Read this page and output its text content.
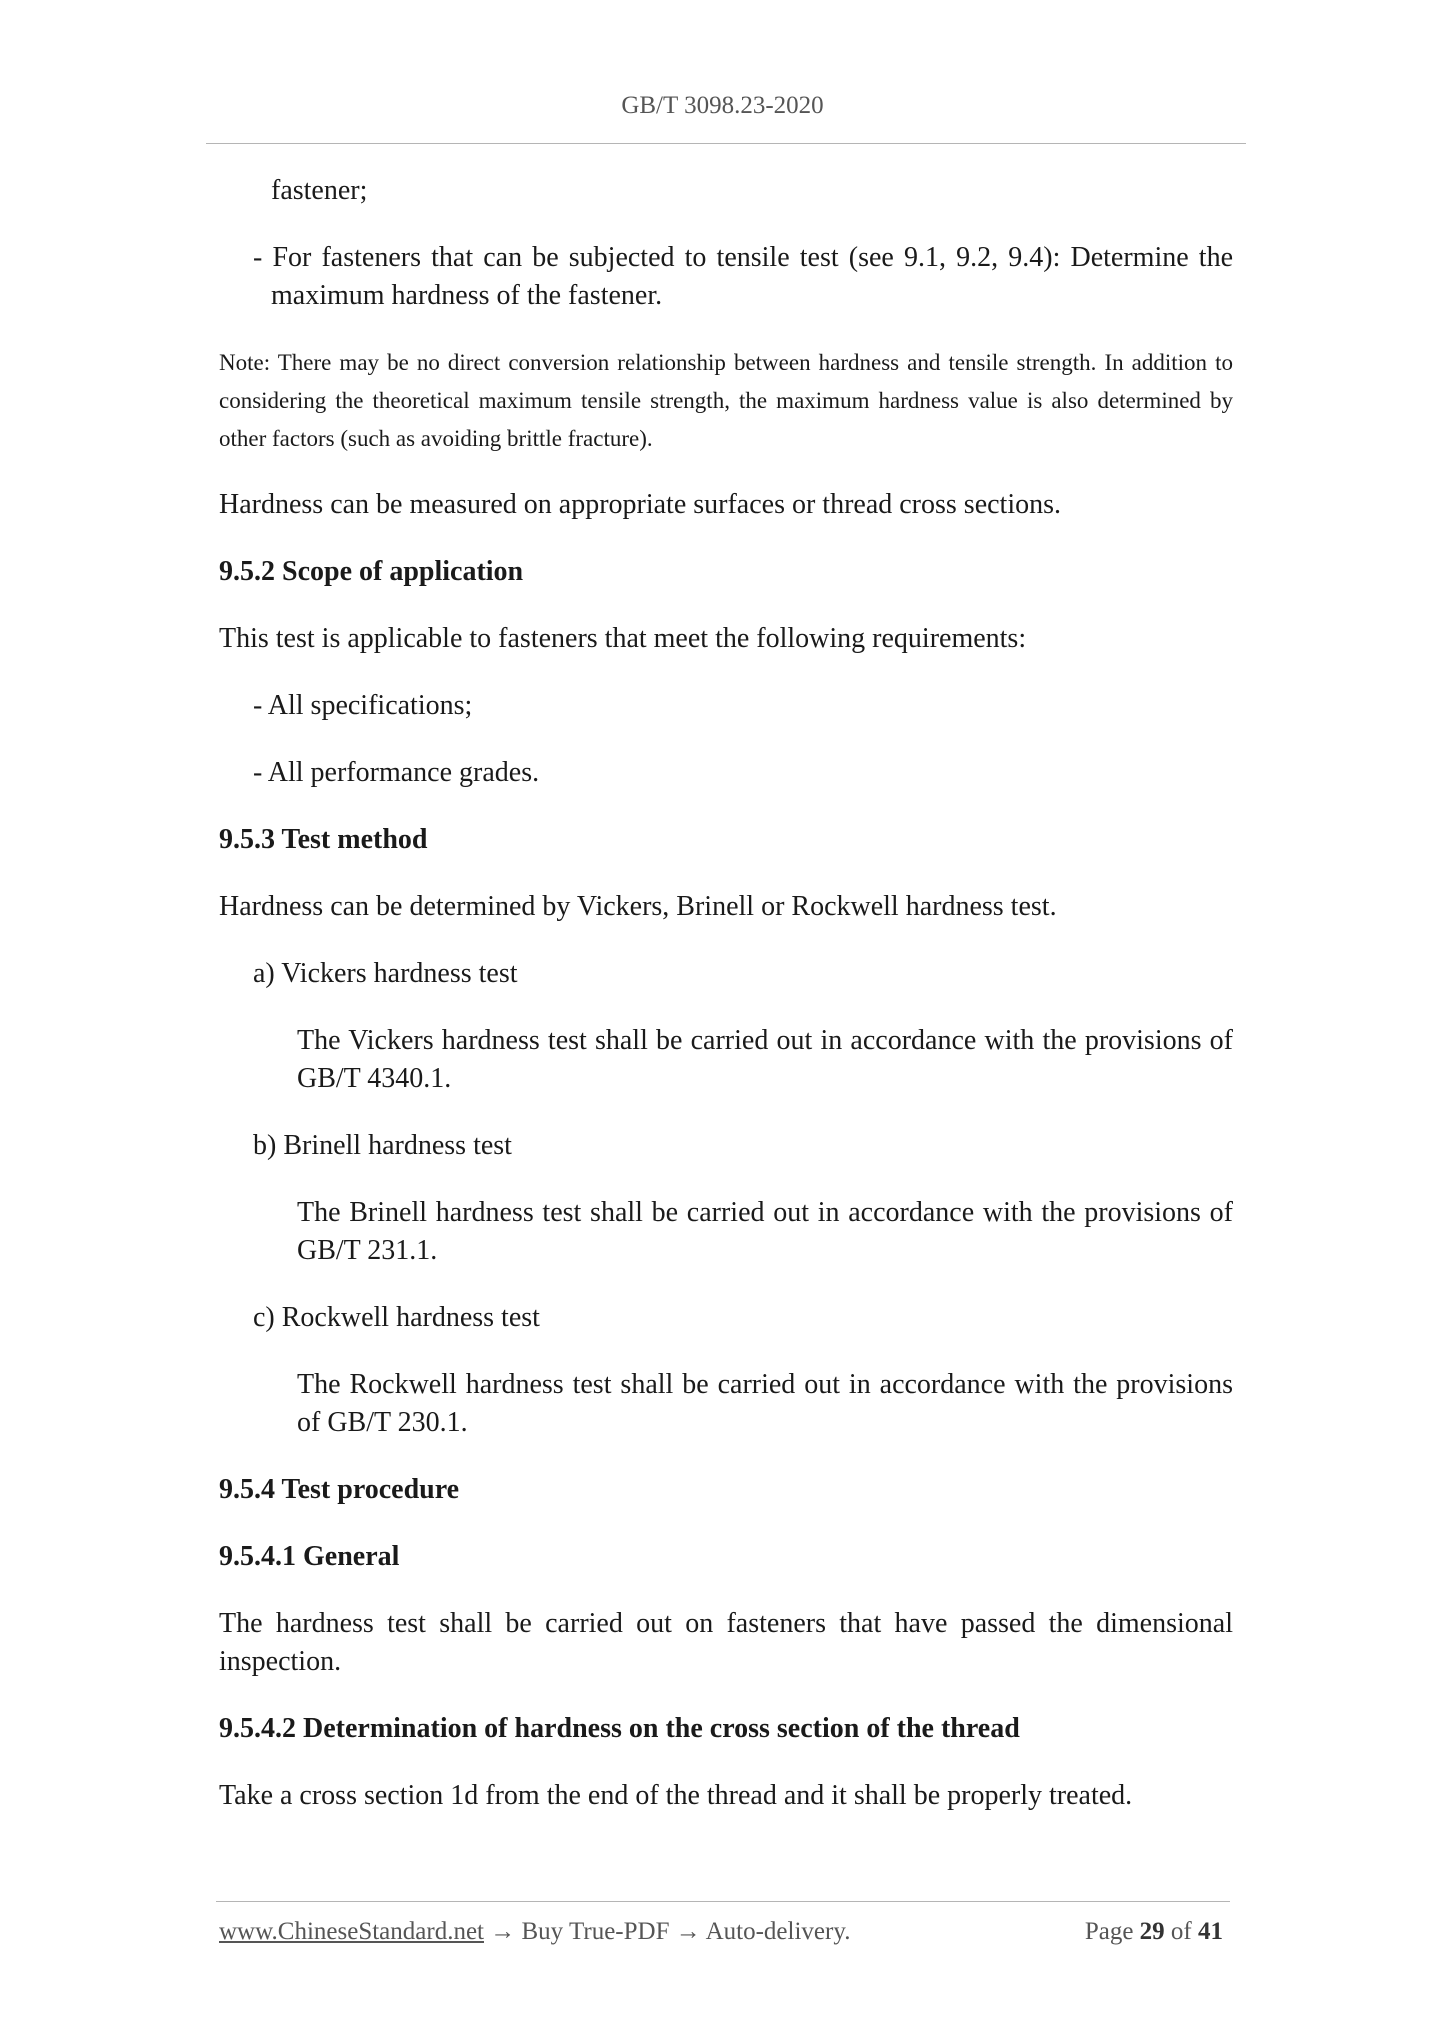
GB/T 3098.23-2020

fastener;

- For fasteners that can be subjected to tensile test (see 9.1, 9.2, 9.4): Determine the maximum hardness of the fastener.

Note: There may be no direct conversion relationship between hardness and tensile strength. In addition to considering the theoretical maximum tensile strength, the maximum hardness value is also determined by other factors (such as avoiding brittle fracture).

Hardness can be measured on appropriate surfaces or thread cross sections.

9.5.2 Scope of application

This test is applicable to fasteners that meet the following requirements:

- All specifications;

- All performance grades.

9.5.3 Test method

Hardness can be determined by Vickers, Brinell or Rockwell hardness test.

a) Vickers hardness test

The Vickers hardness test shall be carried out in accordance with the provisions of GB/T 4340.1.

b) Brinell hardness test

The Brinell hardness test shall be carried out in accordance with the provisions of GB/T 231.1.

c) Rockwell hardness test

The Rockwell hardness test shall be carried out in accordance with the provisions of GB/T 230.1.

9.5.4 Test procedure

9.5.4.1 General

The hardness test shall be carried out on fasteners that have passed the dimensional inspection.

9.5.4.2 Determination of hardness on the cross section of the thread

Take a cross section 1d from the end of the thread and it shall be properly treated.

www.ChineseStandard.net → Buy True-PDF → Auto-delivery.	Page 29 of 41
